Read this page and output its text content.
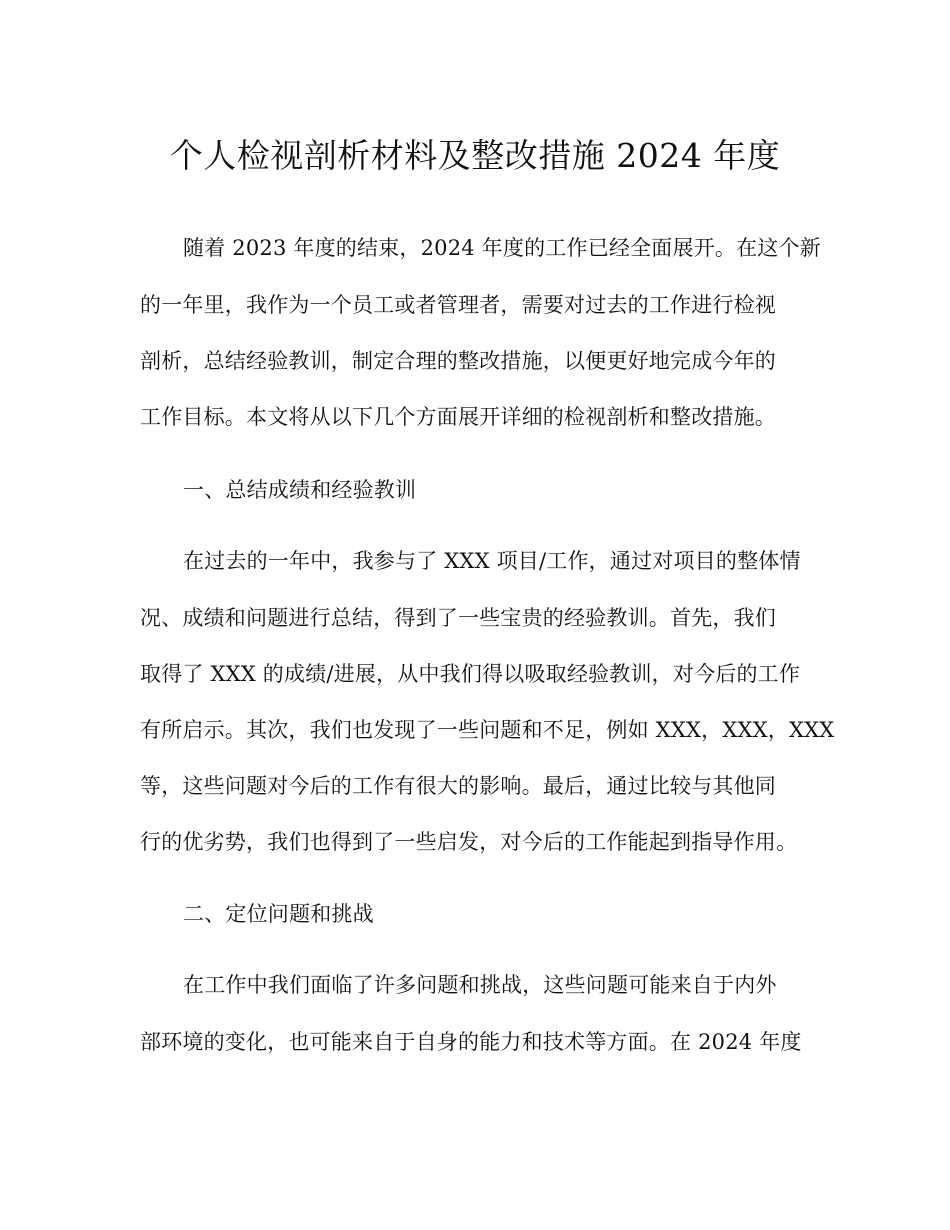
个人检视剖析材料及整改措施 2024 年度
随着 2023 年度的结束，2024 年度的工作已经全面展开。在这个新
的一年里，我作为一个员工或者管理者，需要对过去的工作进行检视
剖析，总结经验教训，制定合理的整改措施，以便更好地完成今年的
工作目标。本文将从以下几个方面展开详细的检视剖析和整改措施。
一、总结成绩和经验教训
在过去的一年中，我参与了 XXX 项目/工作，通过对项目的整体情
况、成绩和问题进行总结，得到了一些宝贵的经验教训。首先，我们
取得了 XXX 的成绩/进展，从中我们得以吸取经验教训，对今后的工作
有所启示。其次，我们也发现了一些问题和不足，例如 XXX，XXX，XXX
等，这些问题对今后的工作有很大的影响。最后，通过比较与其他同
行的优劣势，我们也得到了一些启发，对今后的工作能起到指导作用。
二、定位问题和挑战
在工作中我们面临了许多问题和挑战，这些问题可能来自于内外
部环境的变化，也可能来自于自身的能力和技术等方面。在 2024 年度
